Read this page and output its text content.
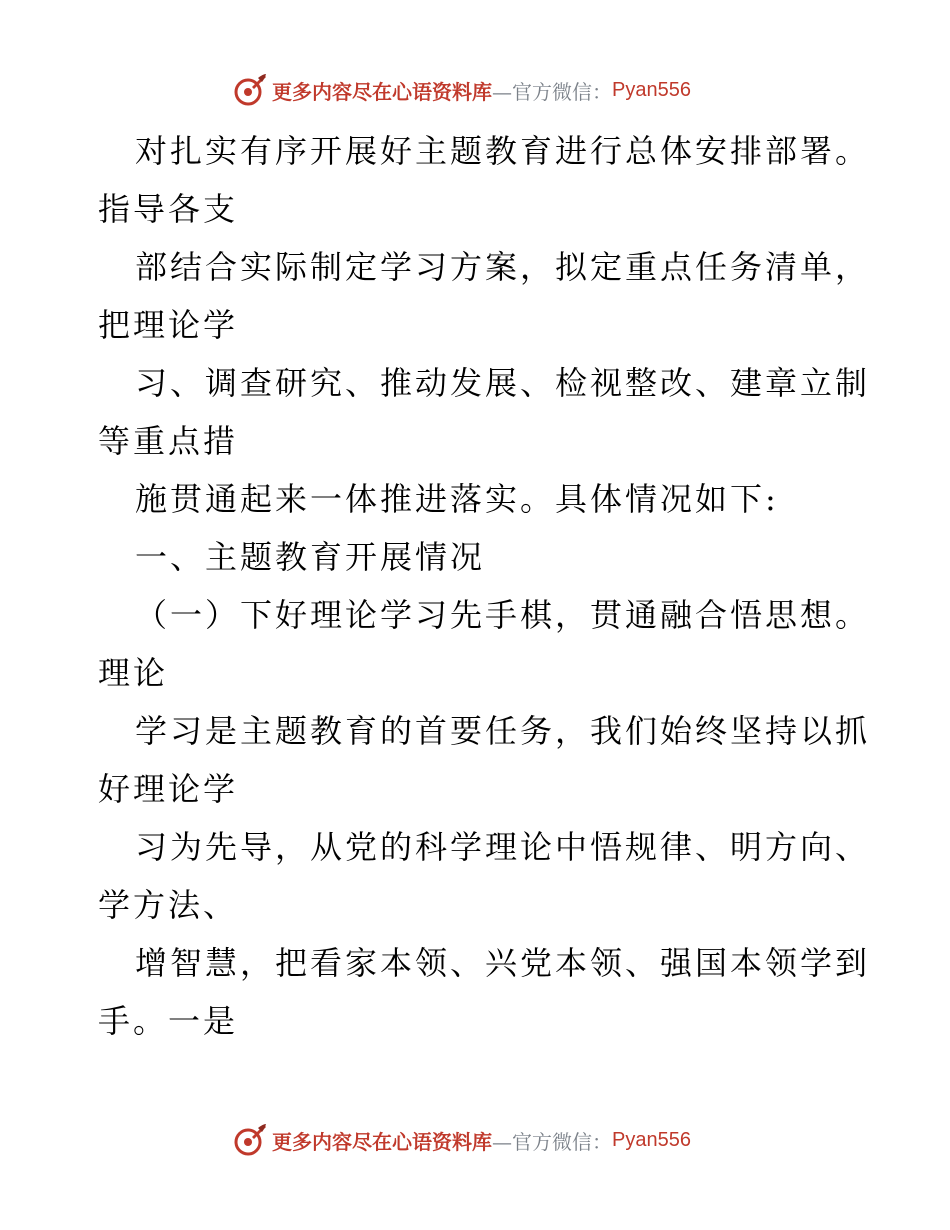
更多内容尽在心语资料库 —官方微信： Pyan556
对扎实有序开展好主题教育进行总体安排部署。
指导各支
部结合实际制定学习方案，拟定重点任务清单，
把理论学
习、调查研究、推动发展、检视整改、建章立制
等重点措
施贯通起来一体推进落实。具体情况如下:
一、主题教育开展情况
（一）下好理论学习先手棋，贯通融合悟思想。
理论
学习是主题教育的首要任务，我们始终坚持以抓
好理论学
习为先导，从党的科学理论中悟规律、明方向、
学方法、
增智慧，把看家本领、兴党本领、强国本领学到
手。一是
更多内容尽在心语资料库 —官方微信： Pyan556
